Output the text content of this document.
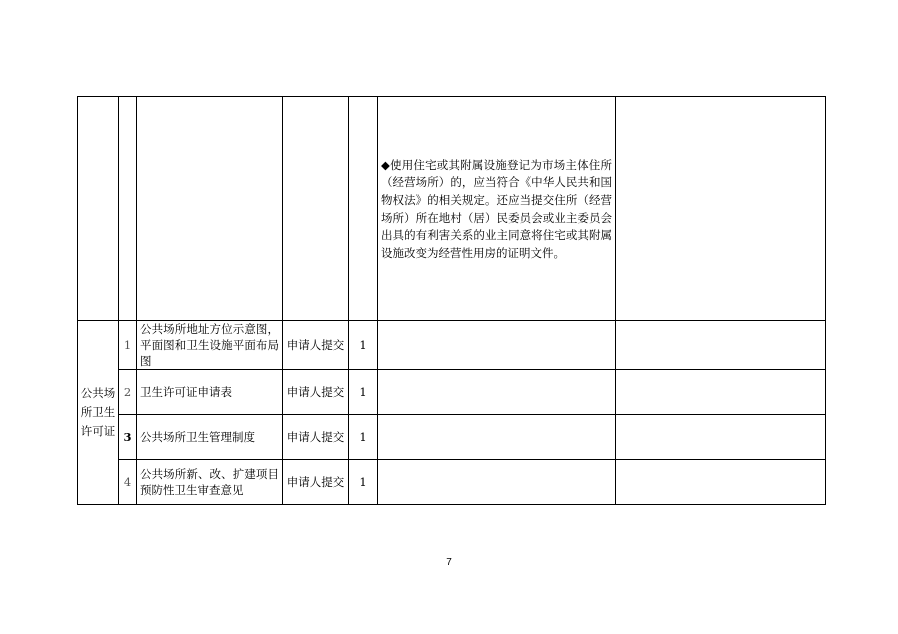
					◆使用住宅或其附属设施登记为市场主体住所（经营场所）的，应当符合《中华人民共和国物权法》的相关规定。还应当提交住所（经营场所）所在地村（居）民委员会或业主委员会出具的有利害关系的业主同意将住宅或其附属设施改变为经营性用房的证明文件。	
公共场所卫生许可证	1	公共场所地址方位示意图，平面图和卫生设施平面布局图	申请人提交	1		
	2	卫生许可证申请表	申请人提交	1		
	3	公共场所卫生管理制度	申请人提交	1		
	4	公共场所新、改、扩建项目预防性卫生审查意见	申请人提交	1		
7
